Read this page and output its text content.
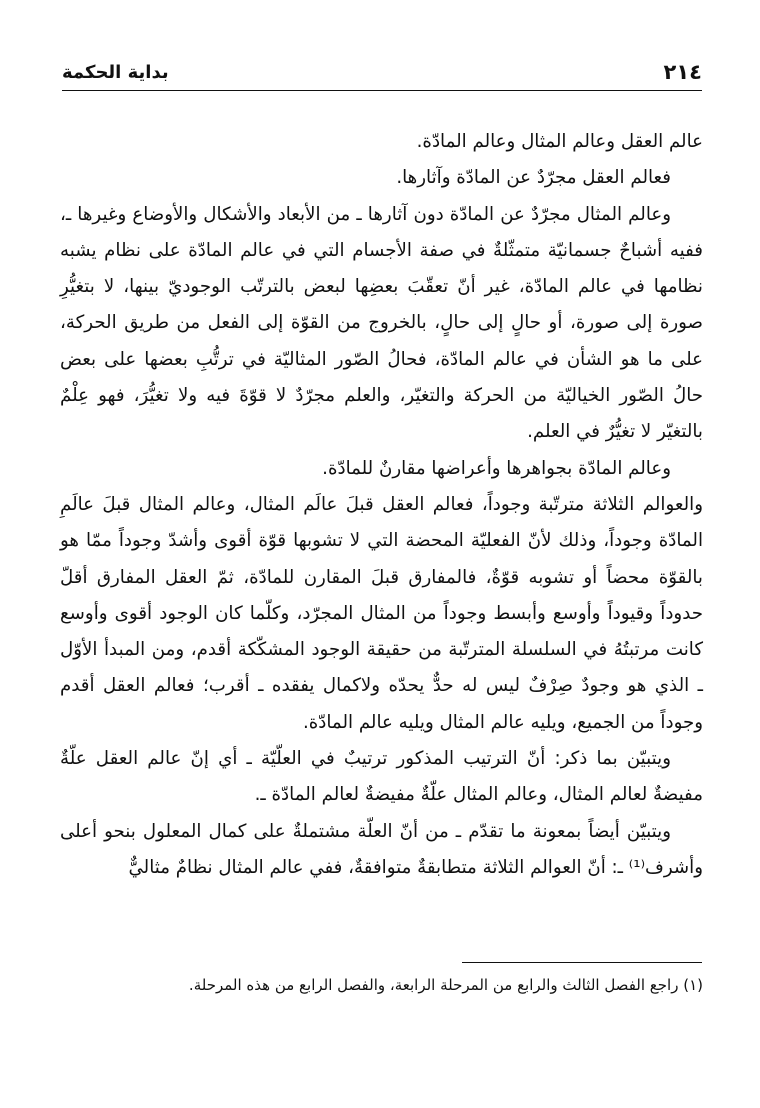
٢١٤
بداية الحكمة

عالم العقل وعالم المثال وعالم المادّة.

فعالم العقل مجرّدٌ عن المادّة وآثارها.

وعالم المثال مجرّدٌ عن المادّة دون آثارها ـ من الأبعاد والأشكال والأوضاع وغيرها ـ، ففيه أشباحٌ جسمانيّة متمثّلةٌ في صفة الأجسام التي في عالم المادّة على نظام يشبه نظامها في عالم المادّة، غير أنّ تعقّبَ بعضِها لبعض بالترتّب الوجوديّ بينها، لا بتغيُّرِ صورة إلى صورة، أو حالٍ إلى حالٍ، بالخروج من القوّة إلى الفعل من طريق الحركة، على ما هو الشأن في عالم المادّة، فحالُ الصّور المثاليّة في ترتُّبِ بعضها على بعض حالُ الصّور الخياليّة من الحركة والتغيّر، والعلم مجرّدٌ لا قوّةَ فيه ولا تغيُّرَ، فهو عِلْمٌ بالتغيّر لا تغيُّرٌ في العلم.

وعالم المادّة بجواهرها وأعراضها مقارنٌ للمادّة.

والعوالم الثلاثة مترتّبة وجوداً، فعالم العقل قبلَ عالَم المثال، وعالم المثال قبلَ عالَمِ المادّة وجوداً، وذلك لأنّ الفعليّة المحضة التي لا تشوبها قوّة أقوى وأشدّ وجوداً ممّا هو بالقوّة محضاً أو تشوبه قوّةٌ، فالمفارق قبلَ المقارن للمادّة، ثمّ العقل المفارق أقلّ حدوداً وقيوداً وأوسع وأبسط وجوداً من المثال المجرّد، وكلّما كان الوجود أقوى وأوسع كانت مرتبتُهُ في السلسلة المترتّبة من حقيقة الوجود المشكّكة أقدم، ومن المبدأ الأوّل ـ الذي هو وجودٌ صِرْفٌ ليس له حدٌّ يحدّه ولاكمال يفقده ـ أقرب؛ فعالم العقل أقدم وجوداً من الجميع، ويليه عالم المثال ويليه عالم المادّة.

ويتبيّن بما ذكر: أنّ الترتيب المذكور ترتيبٌ في العلّيّة ـ أي إنّ عالم العقل علّةٌ مفيضةٌ لعالم المثال، وعالم المثال علّةٌ مفيضةٌ لعالم المادّة ـ.

ويتبيّن أيضاً بمعونة ما تقدّم ـ من أنّ العلّة مشتملةٌ على كمال المعلول بنحو أعلى وأشرف⁽¹⁾ ـ: أنّ العوالم الثلاثة متطابقةٌ متوافقةٌ، ففي عالم المثال نظامٌ مثاليٌّ

(١) راجع الفصل الثالث والرابع من المرحلة الرابعة، والفصل الرابع من هذه المرحلة.
